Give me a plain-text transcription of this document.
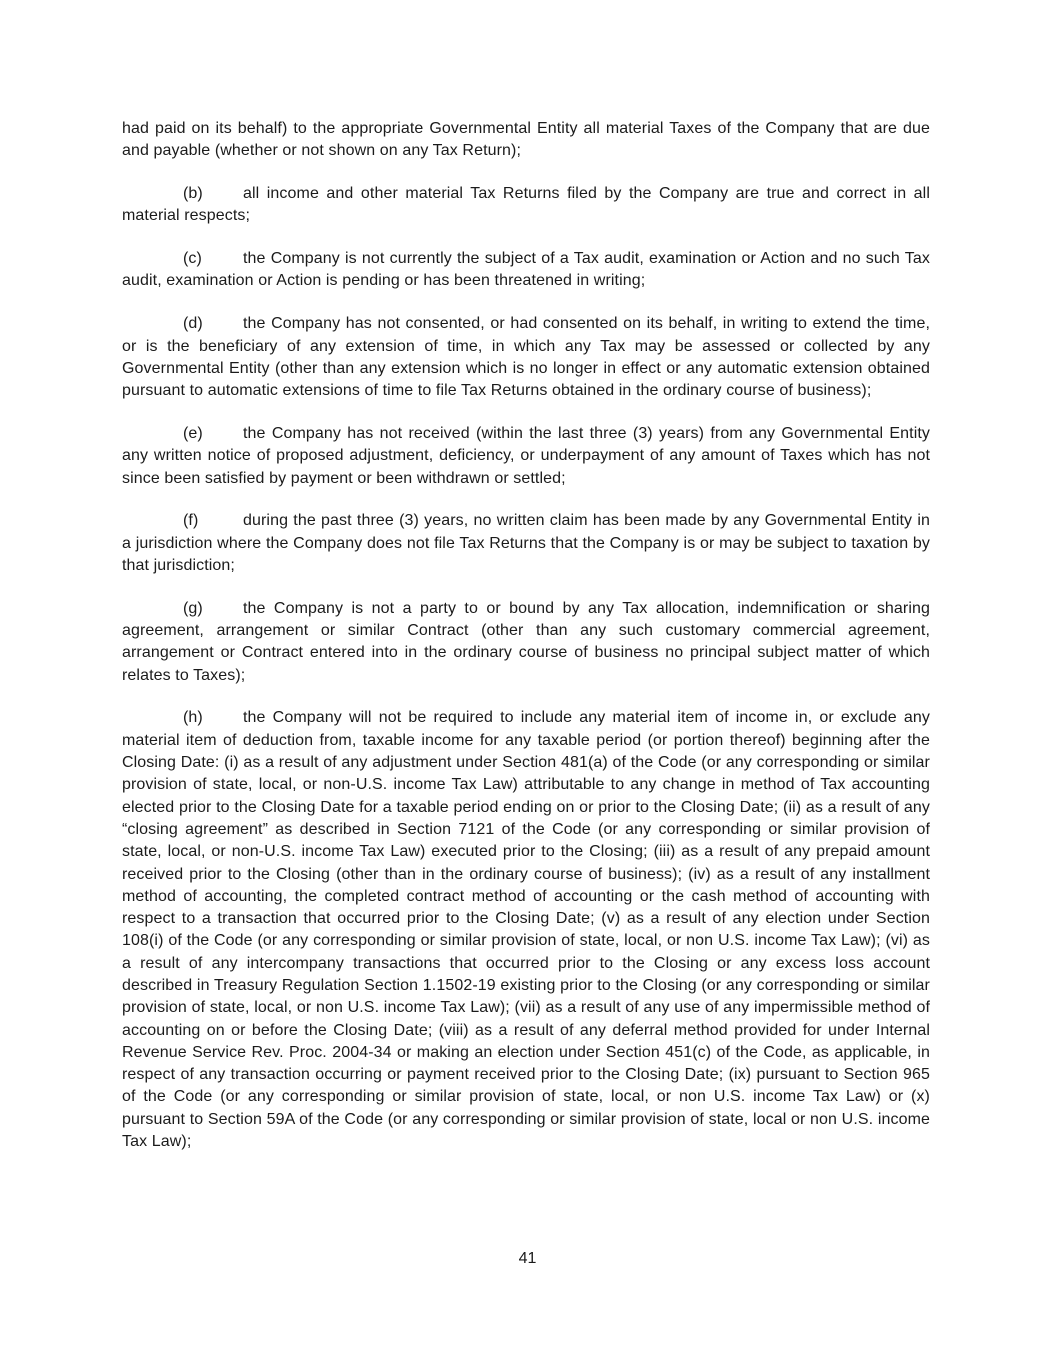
had paid on its behalf) to the appropriate Governmental Entity all material Taxes of the Company that are due and payable (whether or not shown on any Tax Return);

(b)	all income and other material Tax Returns filed by the Company are true and correct in all material respects;

(c)	the Company is not currently the subject of a Tax audit, examination or Action and no such Tax audit, examination or Action is pending or has been threatened in writing;

(d)	the Company has not consented, or had consented on its behalf, in writing to extend the time, or is the beneficiary of any extension of time, in which any Tax may be assessed or collected by any Governmental Entity (other than any extension which is no longer in effect or any automatic extension obtained pursuant to automatic extensions of time to file Tax Returns obtained in the ordinary course of business);

(e)	the Company has not received (within the last three (3) years) from any Governmental Entity any written notice of proposed adjustment, deficiency, or underpayment of any amount of Taxes which has not since been satisfied by payment or been withdrawn or settled;

(f)	during the past three (3) years, no written claim has been made by any Governmental Entity in a jurisdiction where the Company does not file Tax Returns that the Company is or may be subject to taxation by that jurisdiction;

(g)	the Company is not a party to or bound by any Tax allocation, indemnification or sharing agreement, arrangement or similar Contract (other than any such customary commercial agreement, arrangement or Contract entered into in the ordinary course of business no principal subject matter of which relates to Taxes);

(h)	the Company will not be required to include any material item of income in, or exclude any material item of deduction from, taxable income for any taxable period (or portion thereof) beginning after the Closing Date: (i) as a result of any adjustment under Section 481(a) of the Code (or any corresponding or similar provision of state, local, or non-U.S. income Tax Law) attributable to any change in method of Tax accounting elected prior to the Closing Date for a taxable period ending on or prior to the Closing Date; (ii) as a result of any “closing agreement” as described in Section 7121 of the Code (or any corresponding or similar provision of state, local, or non-U.S. income Tax Law) executed prior to the Closing; (iii) as a result of any prepaid amount received prior to the Closing (other than in the ordinary course of business); (iv) as a result of any installment method of accounting, the completed contract method of accounting or the cash method of accounting with respect to a transaction that occurred prior to the Closing Date; (v) as a result of any election under Section 108(i) of the Code (or any corresponding or similar provision of state, local, or non U.S. income Tax Law); (vi) as a result of any intercompany transactions that occurred prior to the Closing or any excess loss account described in Treasury Regulation Section 1.1502-19 existing prior to the Closing (or any corresponding or similar provision of state, local, or non U.S. income Tax Law); (vii) as a result of any use of any impermissible method of accounting on or before the Closing Date; (viii) as a result of any deferral method provided for under Internal Revenue Service Rev. Proc. 2004-34 or making an election under Section 451(c) of the Code, as applicable, in respect of any transaction occurring or payment received prior to the Closing Date; (ix) pursuant to Section 965 of the Code (or any corresponding or similar provision of state, local, or non U.S. income Tax Law) or (x) pursuant to Section 59A of the Code (or any corresponding or similar provision of state, local or non U.S. income Tax Law);

41
